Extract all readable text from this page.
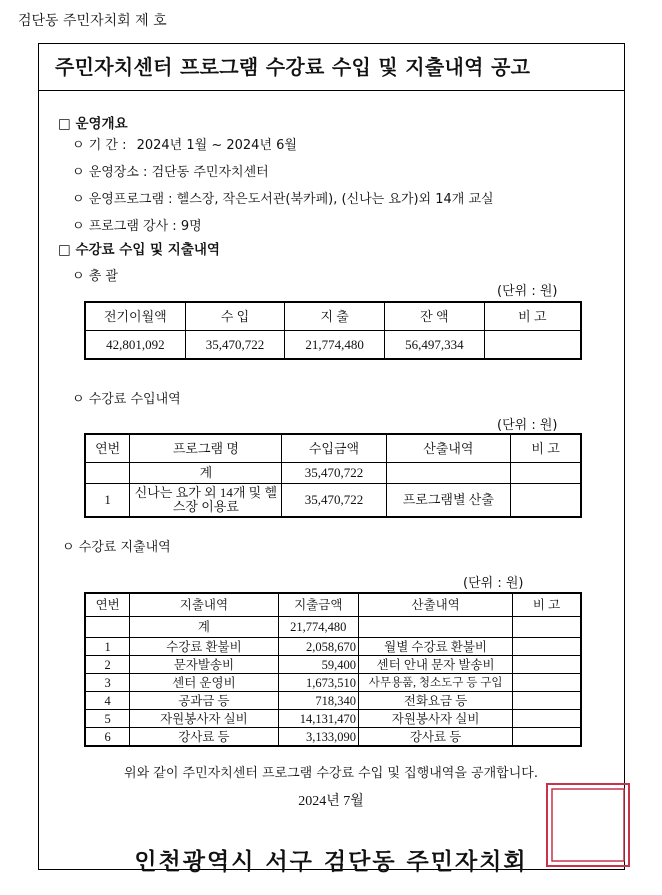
검단동 주민자치회 제 호
주민자치센터 프로그램 수강료 수입 및 지출내역 공고
□ 운영개요
ㅇ 기 간 : 2024년 1월 ~ 2024년 6월
ㅇ 운영장소 : 검단동 주민자치센터
ㅇ 운영프로그램 : 헬스장, 작은도서관(북카페), (신나는 요가)외 14개 교실
ㅇ 프로그램 강사 : 9명
□ 수강료 수입 및 지출내역
ㅇ 총 괄
(단위 : 원)
전기이월액	수 입	지 출	잔 액	비 고
42,801,092	35,470,722	21,774,480	56,497,334	
ㅇ 수강료 수입내역
(단위 : 원)
연번	프로그램 명	수입금액	산출내역	비 고
	계	35,470,722		
1	신나는 요가 외 14개 및 헬스장 이용료	35,470,722	프로그램별 산출	
ㅇ 수강료 지출내역
(단위 : 원)
연번	지출내역	지출금액	산출내역	비 고
	계	21,774,480		
1	수강료 환불비	2,058,670	월별 수강료 환불비	
2	문자발송비	59,400	센터 안내 문자 발송비	
3	센터 운영비	1,673,510	사무용품, 청소도구 등 구입	
4	공과금 등	718,340	전화요금 등	
5	자원봉사자 실비	14,131,470	자원봉사자 실비	
6	강사료 등	3,133,090	강사료 등	
위와 같이 주민자치센터 프로그램 수강료 수입 및 집행내역을 공개합니다.
2024년 7월
인천광역시 서구 검단동 주민자치회
